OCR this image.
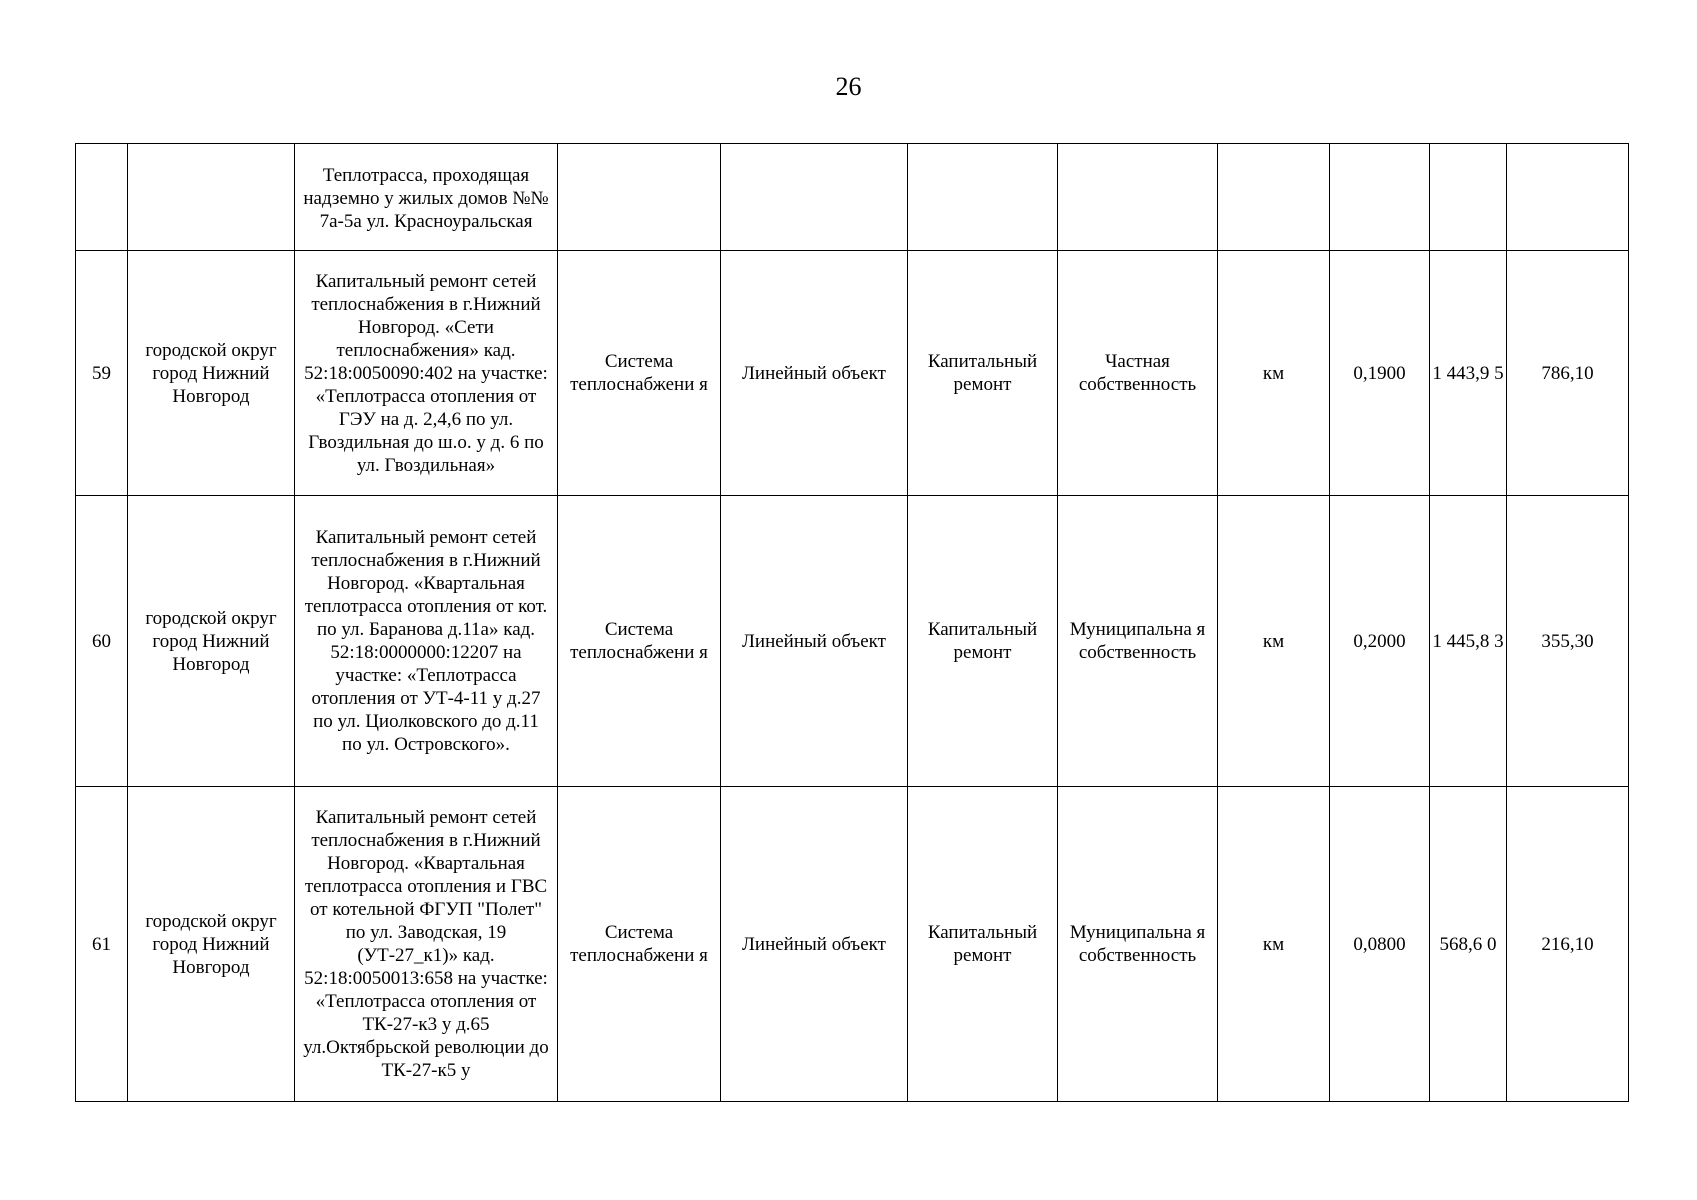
26
		Теплотрасса, проходящая надземно у жилых домов №№ 7а-5а ул. Красноуральская								
59	городской округ город Нижний Новгород	Капитальный ремонт сетей теплоснабжения в г.Нижний Новгород. «Сети теплоснабжения» кад. 52:18:0050090:402 на участке: «Теплотрасса отопления от ГЭУ на д. 2,4,6 по ул. Гвоздильная до ш.о. у д. 6 по ул. Гвоздильная»	Система теплоснабжени я	Линейный объект	Капитальный ремонт	Частная собственность	км	0,1900	1 443,9 5	786,10
60	городской округ город Нижний Новгород	Капитальный ремонт сетей теплоснабжения в г.Нижний Новгород. «Квартальная теплотрасса отопления от кот. по ул. Баранова д.11а» кад. 52:18:0000000:12207 на участке: «Теплотрасса отопления от УТ-4-11 у д.27 по ул. Циолковского до д.11 по ул. Островского».	Система теплоснабжени я	Линейный объект	Капитальный ремонт	Муниципальна я собственность	км	0,2000	1 445,8 3	355,30
61	городской округ город Нижний Новгород	Капитальный ремонт сетей теплоснабжения в г.Нижний Новгород. «Квартальная теплотрасса отопления и ГВС от котельной ФГУП "Полет" по ул. Заводская, 19 (УТ-27_к1)» кад. 52:18:0050013:658 на участке: «Теплотрасса отопления от ТК-27-к3 у д.65 ул.Октябрьской революции до ТК-27-к5 у	Система теплоснабжени я	Линейный объект	Капитальный ремонт	Муниципальна я собственность	км	0,0800	568,6 0	216,10
